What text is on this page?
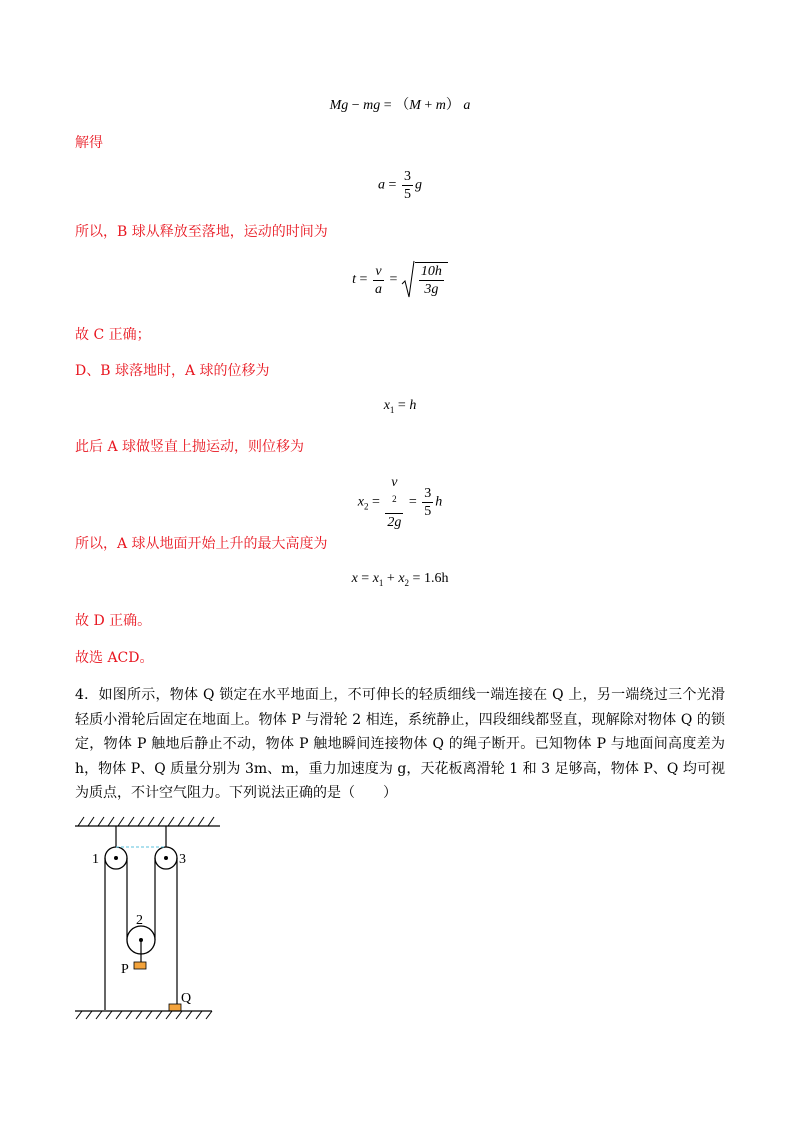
Mg − mg = （M + m） a
解得
$a = \frac{3}{5}$ g
所以，B 球从释放至落地，运动的时间为
$t = \frac{v}{a} = \frac{10h}{3g}$
故 C 正确；
D、B 球落地时，A 球的位移为
$x_1 = h$
此后 A 球做竖直上抛运动，则位移为
$x_2 = v$
$^2$
$2g = \frac{3}{5}$ h
所以，A 球从地面开始上升的最大高度为
$x = x_1 + x_2 = 1.6h$
故 D 正确。
故选 ACD。
4．如图所示，物体 Q 锁定在水平地面上，不可伸长的轻质细线一端连接在 Q 上，另一端绕过三个光滑轻质小滑轮后固定在地面上。物体 P 与滑轮 2 相连，系统静止，四段细线都竖直，现解除对物体 Q 的锁定，物体 P 触地后静止不动，物体 P 触地瞬间连接物体 Q 的绳子断开。已知物体 P 与地面间高度差为 h，物体 P、Q 质量分别为 3m、m，重力加速度为 g，天花板离滑轮 1 和 3 足够高，物体 P、Q 均可视为质点，不计空气阻力。下列说法正确的是（　　）
1	3
2
P
Q
